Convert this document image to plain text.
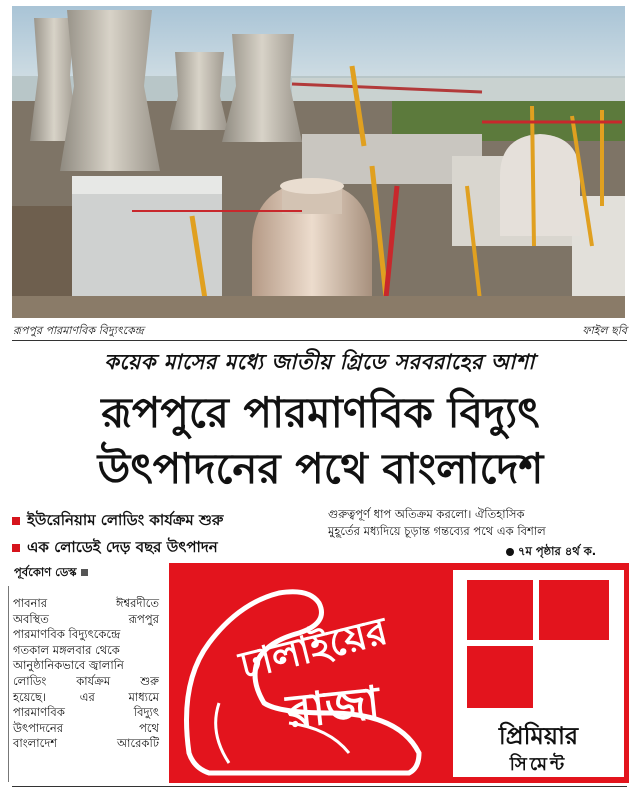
রূপপুর পারমাণবিক বিদ্যুৎকেন্দ্র	ফাইল ছবি
কয়েক মাসের মধ্যে জাতীয় গ্রিডে সরবরাহের আশা
রূপপুরে পারমাণবিক বিদ্যুৎ
উৎপাদনের পথে বাংলাদেশ
ইউরেনিয়াম লোডিং কার্যক্রম শুরু
এক লোডেই দেড় বছর উৎপাদন
গুরুত্বপূর্ণ ধাপ অতিক্রম করলো। ঐতিহাসিক
মুহূর্তের মধ্যদিয়ে চূড়ান্ত গন্তব্যের পথে এক বিশাল
৭ম পৃষ্ঠার ৪র্থ ক.
পূর্বকোণ ডেস্ক
পাবনার	ঈশ্বরদীতে
অবস্থিত	রূপপুর
পারমাণবিক বিদ্যুৎকেন্দ্রে
গতকাল মঙ্গলবার থেকে
আনুষ্ঠানিকভাবে জ্বালানি
লোডিং	কার্যক্রম	শুরু
হয়েছে।	এর	মাধ্যমে
পারমাণবিক	বিদ্যুৎ
উৎপাদনের	পথে
বাংলাদেশ	আরেকটি
ঢালাইয়ের
রাজা	প্রিমিয়ার
সিমেন্ট
